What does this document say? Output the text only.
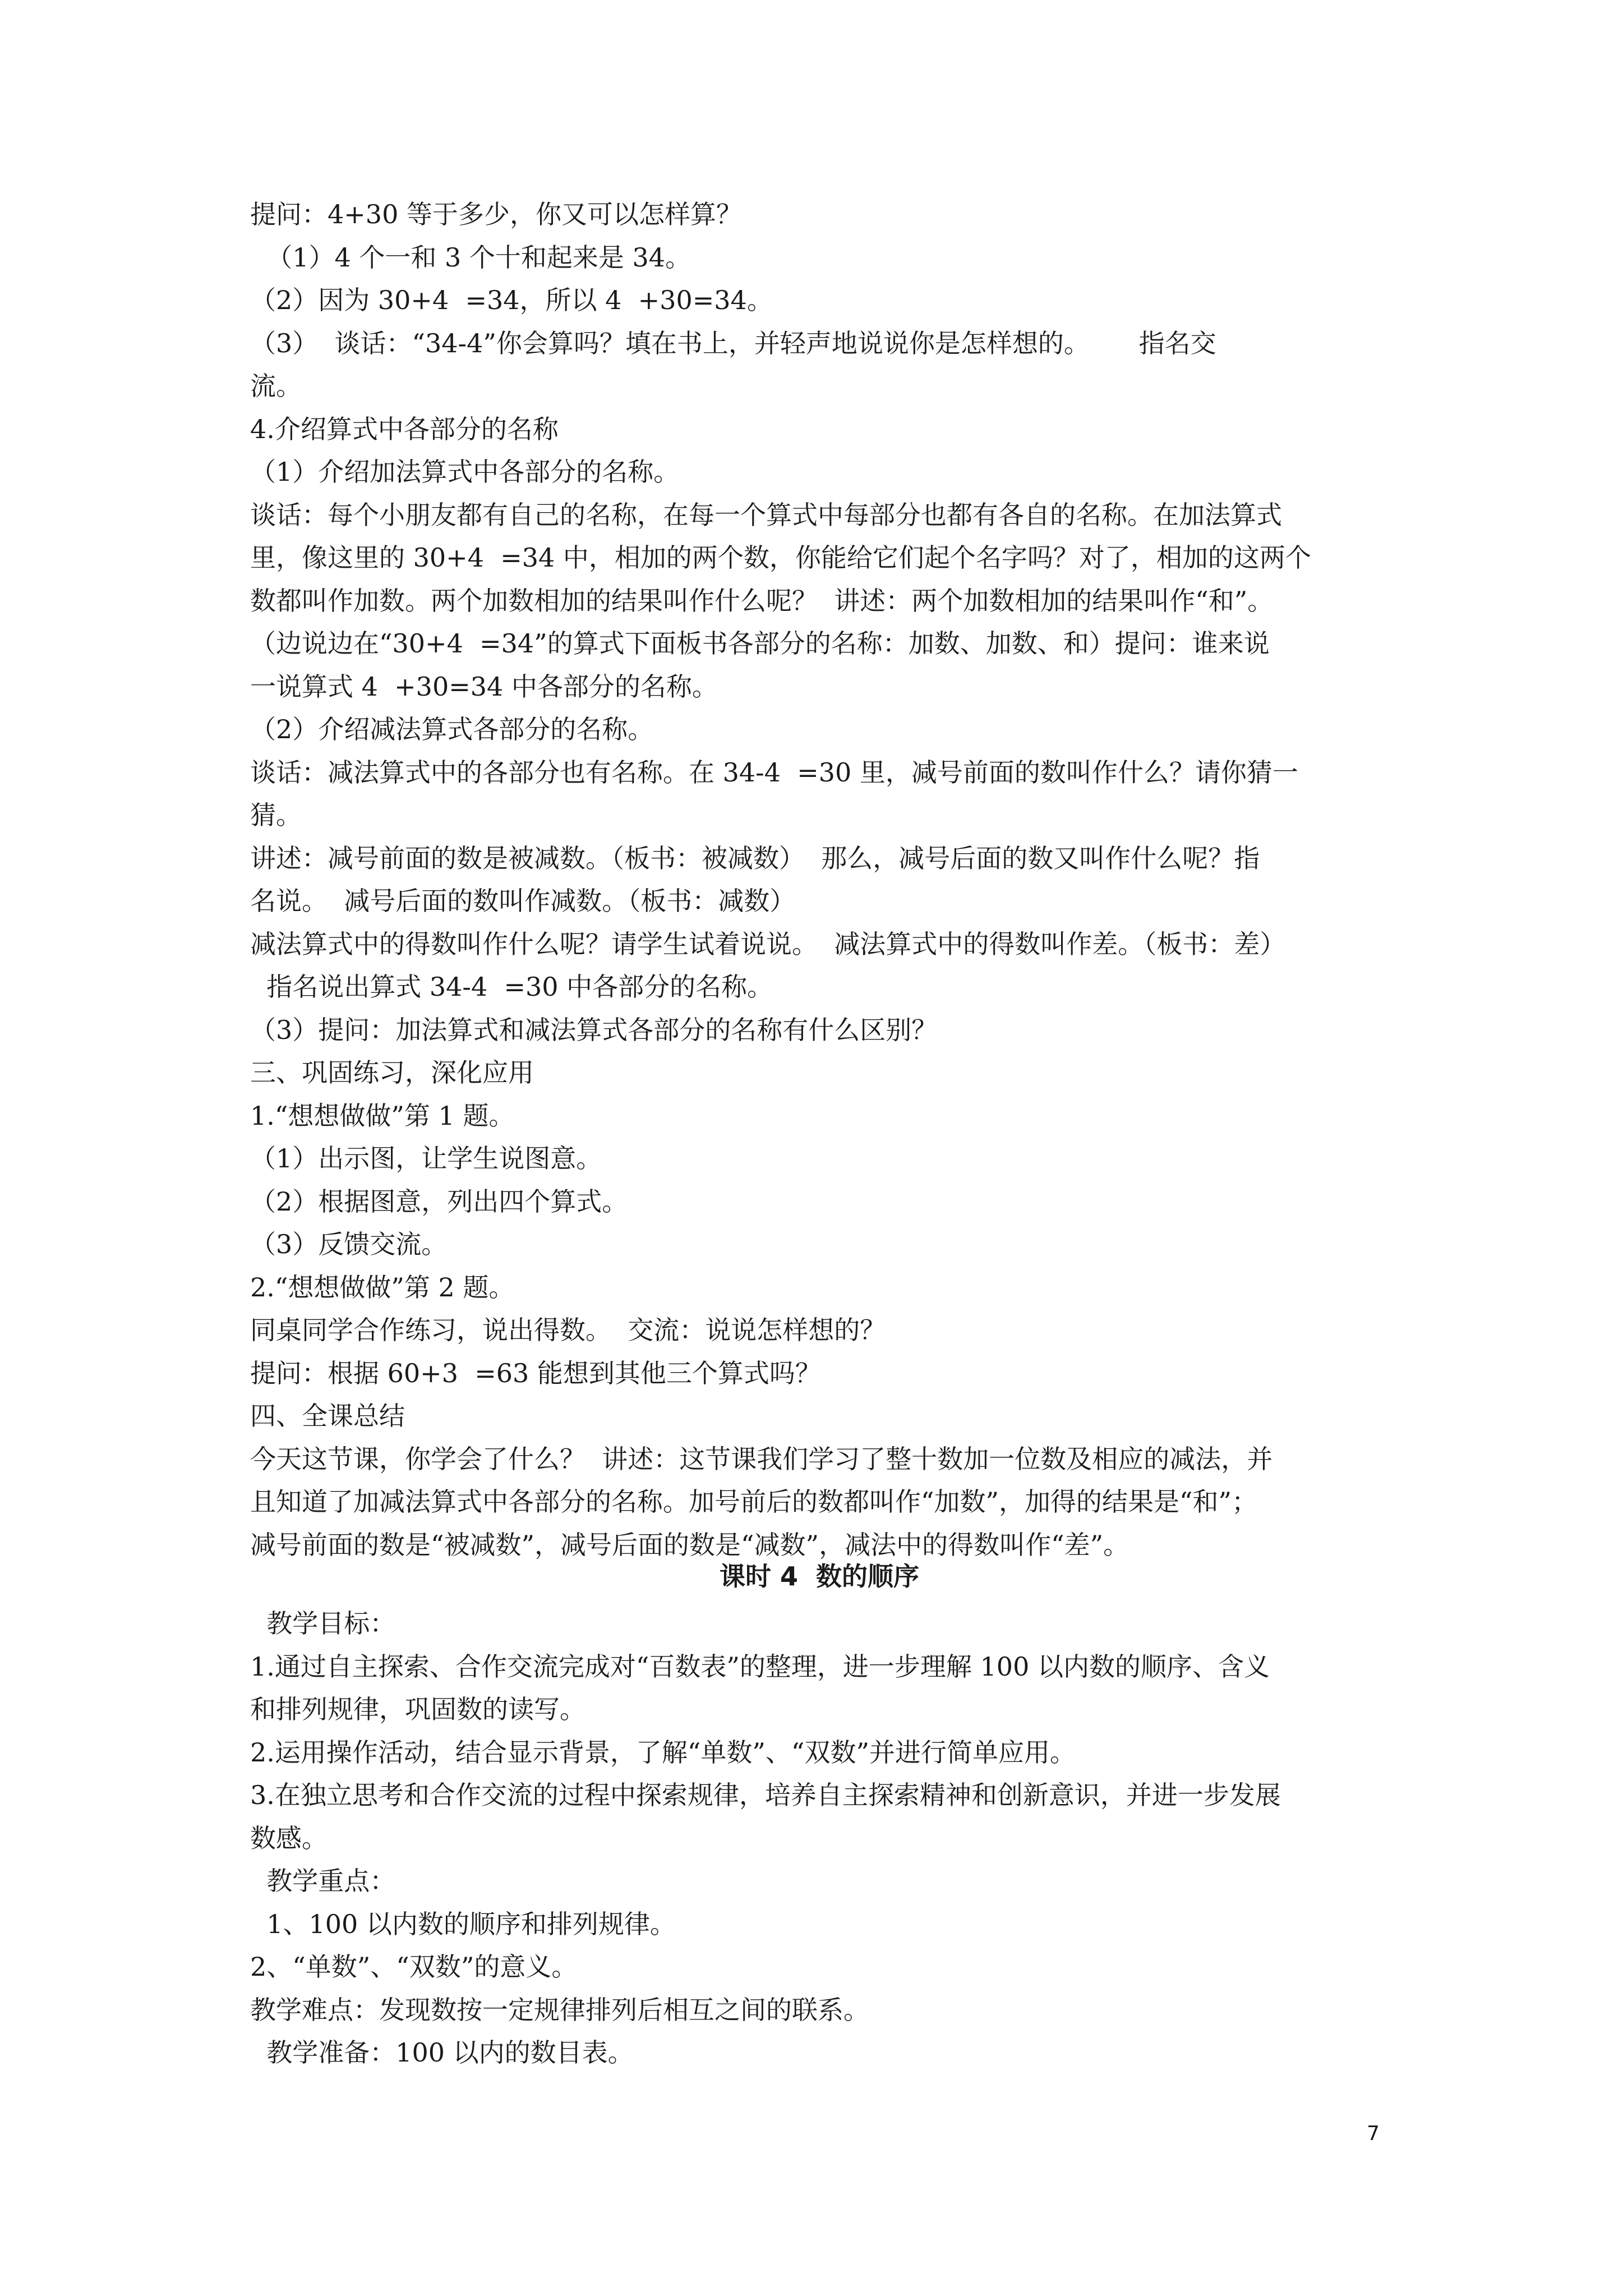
提问：4+30 等于多少，你又可以怎样算？
（1）4 个一和 3 个十和起来是 34。
（2）因为 30+4  =34，所以 4  +30=34。
（3）  谈话：“34-4”你会算吗？填在书上，并轻声地说说你是怎样想的。      指名交
流。
4.介绍算式中各部分的名称
（1）介绍加法算式中各部分的名称。
谈话：每个小朋友都有自己的名称，在每一个算式中每部分也都有各自的名称。在加法算式
里，像这里的 30+4  =34 中，相加的两个数，你能给它们起个名字吗？对了，相加的这两个
数都叫作加数。两个加数相加的结果叫作什么呢？  讲述：两个加数相加的结果叫作“和”。
（边说边在“30+4  =34”的算式下面板书各部分的名称：加数、加数、和）提问：谁来说
一说算式 4  +30=34 中各部分的名称。
（2）介绍减法算式各部分的名称。
谈话：减法算式中的各部分也有名称。在 34-4  =30 里，减号前面的数叫作什么？请你猜一
猜。
讲述：减号前面的数是被减数。（板书：被减数）  那么，减号后面的数又叫作什么呢？指
名说。  减号后面的数叫作减数。（板书：减数）
减法算式中的得数叫作什么呢？请学生试着说说。  减法算式中的得数叫作差。（板书：差）
指名说出算式 34-4  =30 中各部分的名称。
（3）提问：加法算式和减法算式各部分的名称有什么区别？
三、巩固练习，深化应用
1.“想想做做”第 1 题。
（1）出示图，让学生说图意。
（2）根据图意，列出四个算式。
（3）反馈交流。
2.“想想做做”第 2 题。
同桌同学合作练习，说出得数。  交流：说说怎样想的？
提问：根据 60+3  =63 能想到其他三个算式吗？
四、全课总结
今天这节课，你学会了什么？  讲述：这节课我们学习了整十数加一位数及相应的减法，并
且知道了加减法算式中各部分的名称。加号前后的数都叫作“加数”，加得的结果是“和”；
减号前面的数是“被减数”，减号后面的数是“减数”，减法中的得数叫作“差”。
课时 4  数的顺序
教学目标：
1.通过自主探索、合作交流完成对“百数表”的整理，进一步理解 100 以内数的顺序、含义
和排列规律，巩固数的读写。
2.运用操作活动，结合显示背景，了解“单数”、“双数”并进行简单应用。
3.在独立思考和合作交流的过程中探索规律，培养自主探索精神和创新意识，并进一步发展
数感。
教学重点：
1、100 以内数的顺序和排列规律。
2、“单数”、“双数”的意义。
教学难点：发现数按一定规律排列后相互之间的联系。
教学准备：100 以内的数目表。
7
